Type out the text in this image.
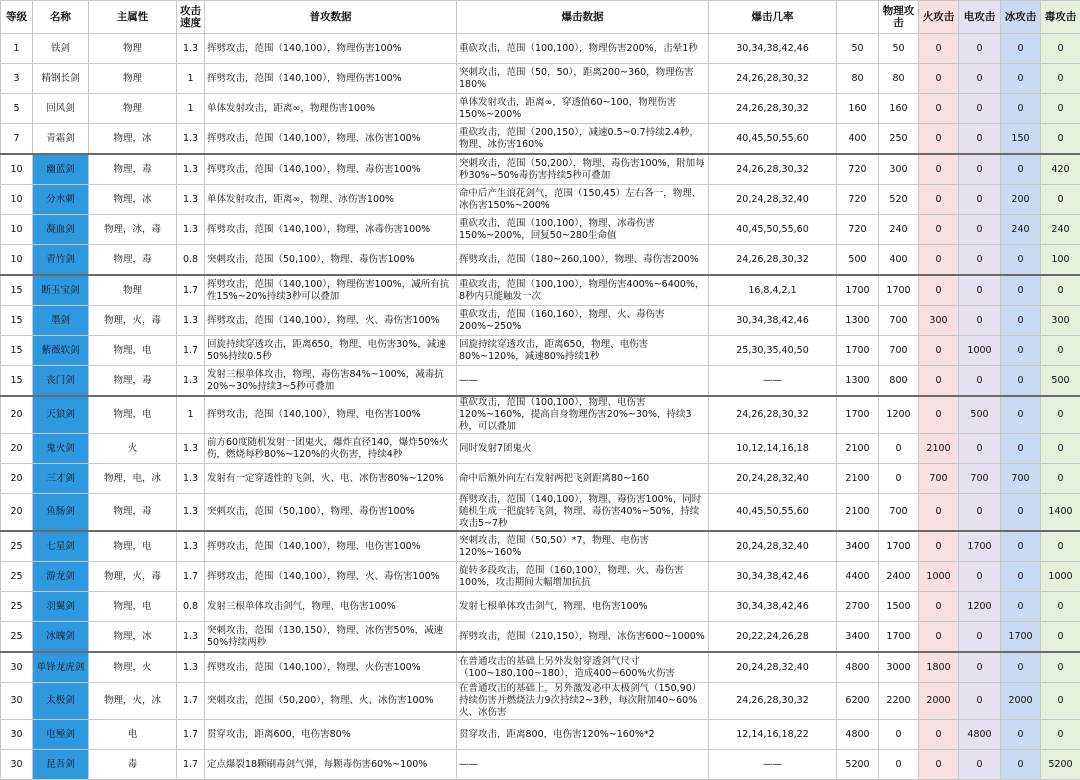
等级	名称	主属性	攻击速度	普攻数据	爆击数据	爆击几率		物理攻击	火攻击	电攻击	冰攻击	毒攻击
1	铁剑	物理	1.3	挥劈攻击，范围（140,100），物理伤害100%	重砍攻击，范围（100,100），物理伤害200%，击晕1秒	30,34,38,42,46	50	50	0	0	0	0
3	精钢长剑	物理	1	挥劈攻击，范围（140,100），物理伤害100%	突刺攻击，范围（50，50），距离200~360，物理伤害180%	24,26,28,30,32	80	80	0	0	0	0
5	回风剑	物理	1	单体发射攻击，距离∞，物理伤害100%	单体发射攻击，距离∞，穿透值60~100，物理伤害150%~200%	24,26,28,30,32	160	160	0	0	0	0
7	青霜剑	物理，冰	1.3	挥劈攻击，范围（140,100），物理、冰伤害100%	重砍攻击，范围（200,150），减速0.5~0.7持续2.4秒，物理、冰伤害160%	40,45,50,55,60	400	250	0	0	150	0
10	幽蓝剑	物理，毒	1.3	挥劈攻击，范围（140,100），物理、毒伤害100%	突刺攻击，范围（50,200），物理、毒伤害100%，附加每秒30%~50%毒伤害持续5秒可叠加	24,26,28,30,32	720	300	0	0	0	420
10	分水刺	物理，冰	1.3	单体发射攻击，距离∞，物理、冰伤害100%	命中后产生浪花剑气，范围（150,45）左右各一，物理、冰伤害150%~200%	20,24,28,32,40	720	520	0	0	200	0
10	凝血剑	物理，冰，毒	1.3	挥劈攻击，范围（140,100），物理、冰毒伤害100%	重砍攻击，范围（100,100），物理、冰毒伤害150%~200%，回复50~280生命值	40,45,50,55,60	720	240	0	0	240	240
10	青竹剑	物理，毒	0.8	突刺攻击，范围（50,100），物理、毒伤害100%	挥劈攻击，范围（180~260,100），物理、毒伤害200%	24,26,28,30,32	500	400	0	0	0	100
15	断玉宝剑	物理	1.7	挥劈攻击，范围（140,100），物理伤害100%，减所有抗性15%~20%持续3秒可以叠加	重砍攻击，范围（100,100），物理伤害400%~6400%，8秒内只能触发一次	16,8,4,2,1	1700	1700	0	0	0	0
15	墨剑	物理，火，毒	1.3	挥劈攻击，范围（140,100），物理、火、毒伤害100%	重砍攻击，范围（160,160），物理、火、毒伤害200%~250%	30,34,38,42,46	1300	700	300	0	0	300
15	紫薇软剑	物理，电	1.7	回旋持续穿透攻击，距离650，物理、电伤害30%，减速50%持续0.5秒	回旋持续穿透攻击，距离650，物理、电伤害80%~120%，减速80%持续1秒	25,30,35,40,50	1700	700	0	1000	0	0
15	丧门剑	物理，毒	1.3	发射三根单体攻击，物理、毒伤害84%~100%，减毒抗20%~30%持续3~5秒可叠加	——	——	1300	800	0	0	0	500
20	天狼剑	物理，电	1	挥劈攻击，范围（140,100），物理、电伤害100%	重砍攻击，范围（100,100），物理、电伤害120%~160%，提高自身物理伤害20%~30%，持续3秒，可以叠加	24,26,28,30,32	1700	1200	0	500	0	0
20	鬼火剑	火	1.3	前方60度随机发射一团鬼火，爆炸直径140，爆炸50%火伤，燃烧每秒80%~120%的火伤害，持续4秒	同时发射7团鬼火	10,12,14,16,18	2100	0	2100	0	0	0
20	三才剑	物理，电，冰	1.3	发射有一定穿透性的飞剑，火、电、冰伤害80%~120%	命中后额外向左右发射两把飞剑距离80~160	20,24,28,32,40	2100	0	700	700	700	0
20	鱼肠剑	物理，毒	1.3	突刺攻击，范围（50,100），物理、毒伤害100%	挥劈攻击，范围（140,100），物理、毒伤害100%，同时随机生成一把旋转飞剑，物理、毒伤害40%~50%，持续攻击5~7秒	40,45,50,55,60	2100	700	0	0	0	1400
25	七星剑	物理，电	1.3	挥劈攻击，范围（140,100），物理、电伤害100%	突刺攻击，范围（50,50）*7，物理、电伤害120%~160%	20,24,28,32,40	3400	1700	0	1700	0	0
25	游龙剑	物理，火，毒	1.7	挥劈攻击，范围（140,100），物理、火、毒伤害100%	旋转多段攻击，范围（160,100），物理、火、毒伤害100%，攻击期间大幅增加抗抗	30,34,38,42,46	4400	2400	1000	0	0	1000
25	羽翼剑	物理，电	0.8	发射三根单体攻击剑气，物理、电伤害100%	发射七根单体攻击剑气，物理、电伤害100%	30,34,38,42,46	2700	1500	0	1200	0	0
25	冰魄剑	物理，冰	1.3	突刺攻击，范围（130,150），物理、冰伤害50%，减速50%持续两秒	挥劈攻击，范围（210,150），物理、冰伤害600~1000%	20,22,24,26,28	3400	1700	0	0	1700	0
30	单锋龙虎剑	物理，火	1.3	挥劈攻击，范围（140,100），物理、火伤害100%	在普通攻击的基础上另外发射穿透剑气尺寸（100~180,100~180），造成400~600%火伤害	20,24,28,32,40	4800	3000	1800	0	0	0
30	太极剑	物理，火，冰	1.7	突刺攻击，范围（50,200），物理、火、冰伤害100%	在普通攻击的基础上，另外激发必中太极剑气（150,90）持续伤害并燃烧法力9次持续2~3秒，每次附加40~60%火、冰伤害	24,26,28,30,32	6200	2200	2000	0	2000	0
30	电殛剑	电	1.7	贯穿攻击，距离600，电伤害80%	贯穿攻击，距离800，电伤害120%~160%*2	12,14,16,18,22	4800	0	0	4800	0	0
30	昆吾剑	毒	1.7	定点爆裂18颗刷毒剑气弹，每颗毒伤害60%~100%	——	——	5200	0	0	0	0	5200
